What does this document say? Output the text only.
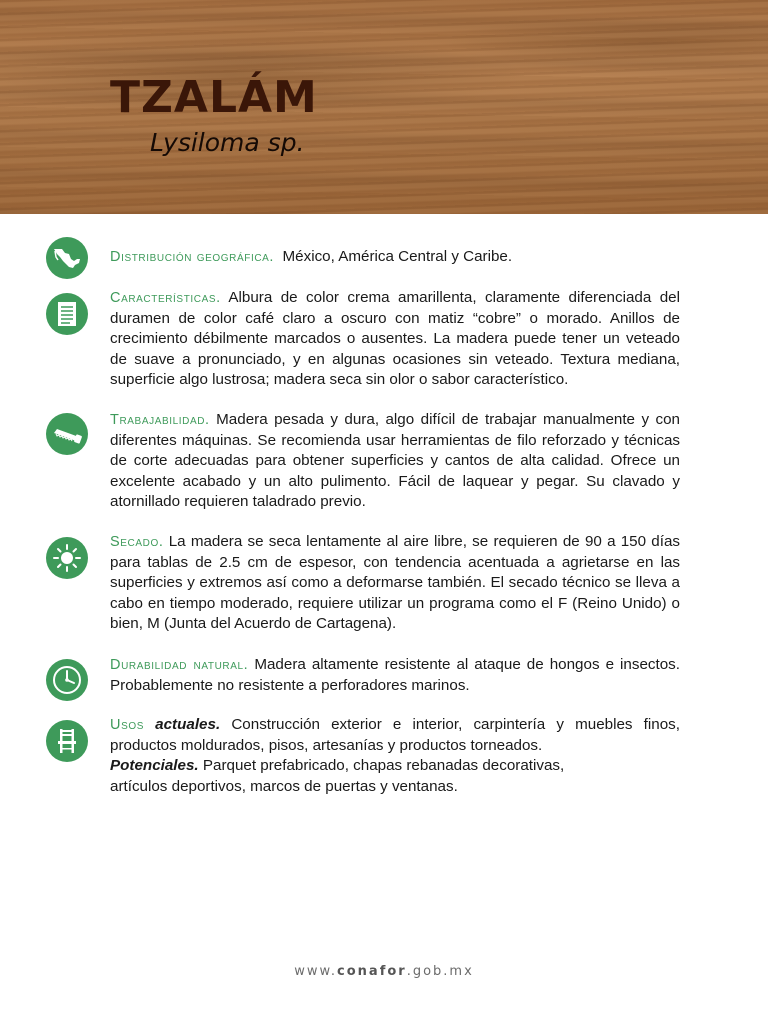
TZALÁM
Lysiloma sp.

Distribución geográfica. México, América Central y Caribe.

Características. Albura de color crema amarillenta, claramente diferenciada del duramen de color café claro a oscuro con matiz “cobre” o morado. Anillos de crecimiento débilmente marcados o ausentes. La madera puede tener un veteado de suave a pronunciado, y en algunas ocasiones sin veteado. Textura mediana, superficie algo lustrosa; madera seca sin olor o sabor característico.

Trabajabilidad. Madera pesada y dura, algo difícil de trabajar manualmente y con diferentes máquinas. Se recomienda usar herramientas de filo reforzado y técnicas de corte adecuadas para obtener superficies y cantos de alta calidad. Ofrece un excelente acabado y un alto pulimento. Fácil de laquear y pegar. Su clavado y atornillado requieren taladrado previo.

Secado. La madera se seca lentamente al aire libre, se requieren de 90 a 150 días para tablas de 2.5 cm de espesor, con tendencia acentuada a agrietarse en las superficies y extremos así como a deformarse también. El secado técnico se lleva a cabo en tiempo moderado, requiere utilizar un programa como el F (Reino Unido) o bien, M (Junta del Acuerdo de Cartagena).

Durabilidad natural. Madera altamente resistente al ataque de hongos e insectos. Probablemente no resistente a perforadores marinos.

Usos actuales. Construcción exterior e interior, carpintería y muebles finos, productos moldurados, pisos, artesanías y productos torneados.

Potenciales. Parquet prefabricado, chapas rebanadas decorativas,

artículos deportivos, marcos de puertas y ventanas.

www.conafor.gob.mx
